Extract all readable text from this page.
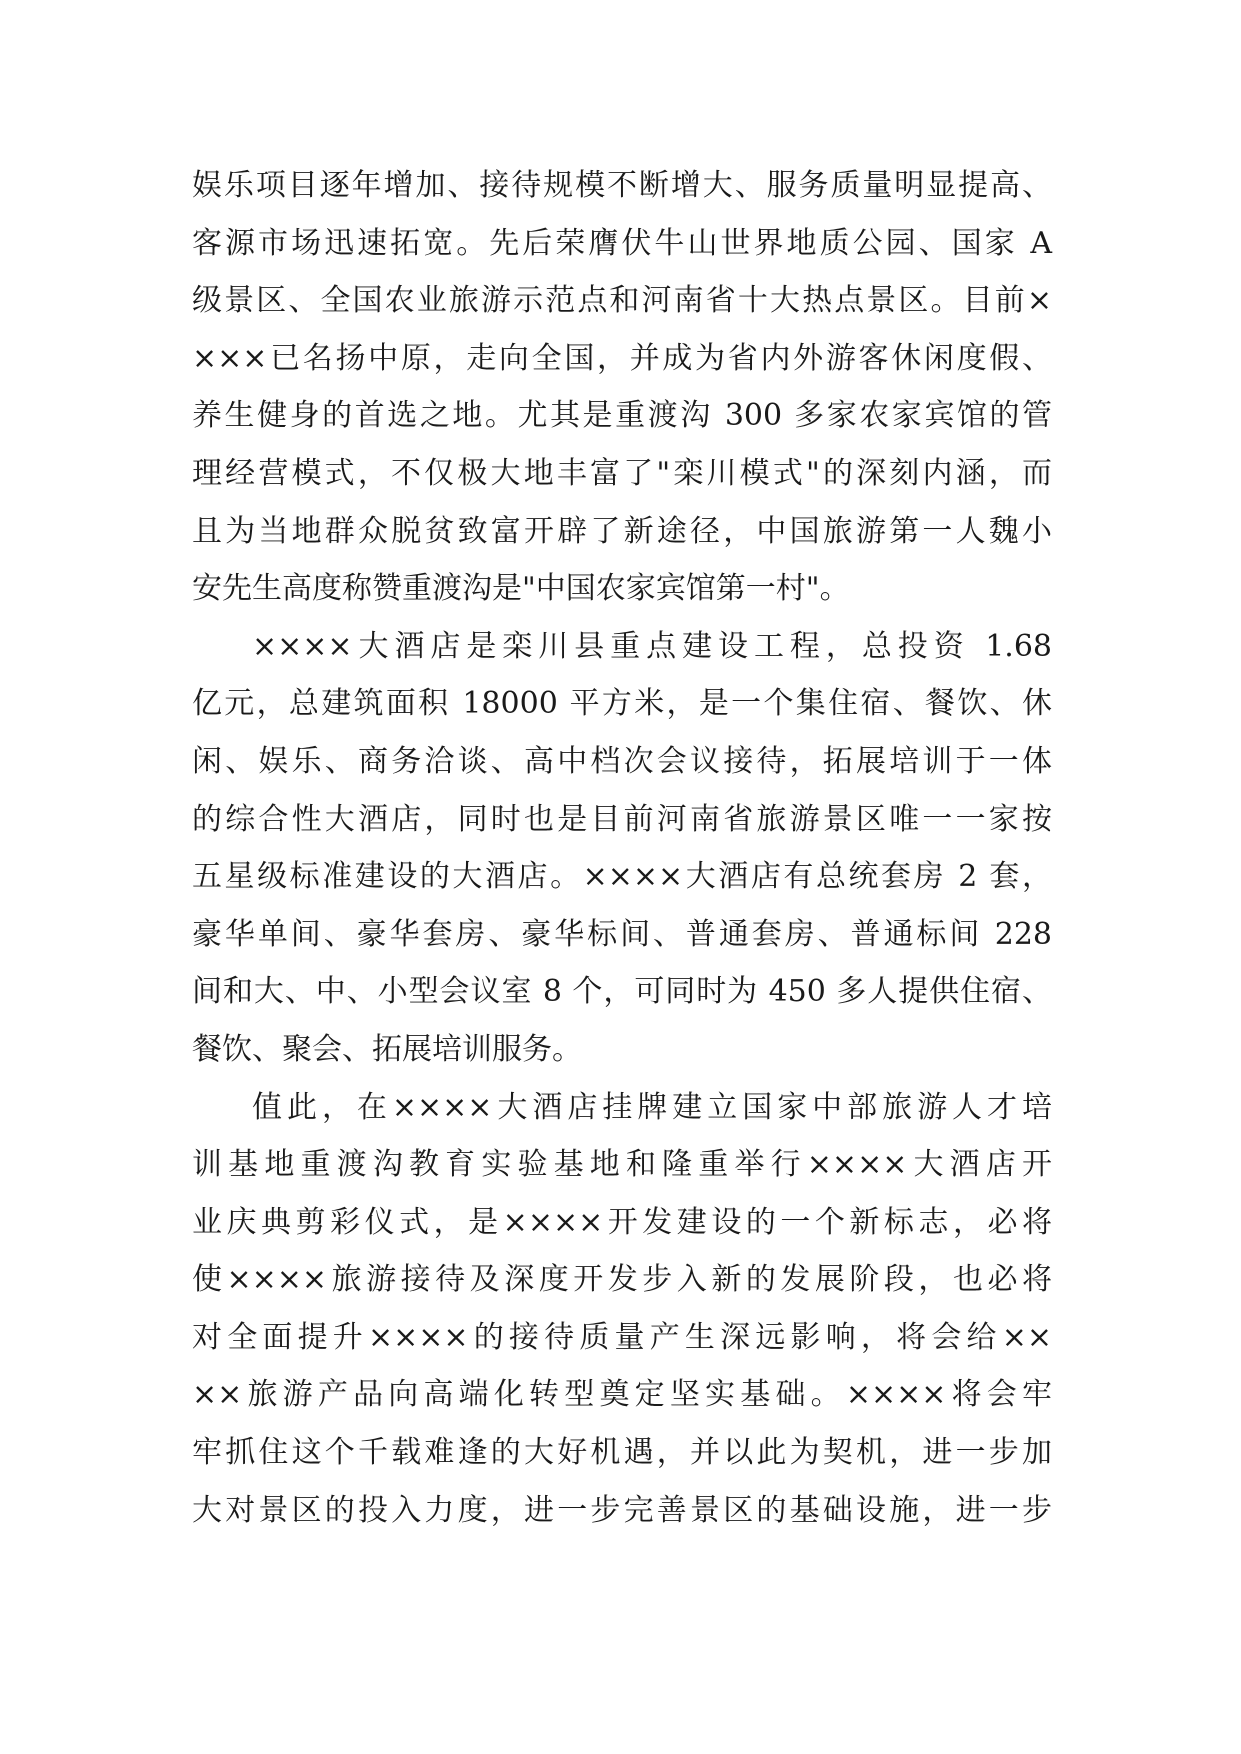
娱乐项目逐年增加、接待规模不断增大、服务质量明显提高、
客源市场迅速拓宽。先后荣膺伏牛山世界地质公园、国家 A
级景区、全国农业旅游示范点和河南省十大热点景区。目前×
×××已名扬中原，走向全国，并成为省内外游客休闲度假、
养生健身的首选之地。尤其是重渡沟 300 多家农家宾馆的管
理经营模式，不仅极大地丰富了"栾川模式"的深刻内涵，而
且为当地群众脱贫致富开辟了新途径，中国旅游第一人魏小
安先生高度称赞重渡沟是"中国农家宾馆第一村"。
××××大酒店是栾川县重点建设工程，总投资 1.68
亿元，总建筑面积 18000 平方米，是一个集住宿、餐饮、休
闲、娱乐、商务洽谈、高中档次会议接待，拓展培训于一体
的综合性大酒店，同时也是目前河南省旅游景区唯一一家按
五星级标准建设的大酒店。××××大酒店有总统套房 2 套，
豪华单间、豪华套房、豪华标间、普通套房、普通标间 228
间和大、中、小型会议室 8 个，可同时为 450 多人提供住宿、
餐饮、聚会、拓展培训服务。
值此，在××××大酒店挂牌建立国家中部旅游人才培
训基地重渡沟教育实验基地和隆重举行××××大酒店开
业庆典剪彩仪式，是××××开发建设的一个新标志，必将
使××××旅游接待及深度开发步入新的发展阶段，也必将
对全面提升××××的接待质量产生深远影响，将会给××
××旅游产品向高端化转型奠定坚实基础。××××将会牢
牢抓住这个千载难逢的大好机遇，并以此为契机，进一步加
大对景区的投入力度，进一步完善景区的基础设施，进一步
